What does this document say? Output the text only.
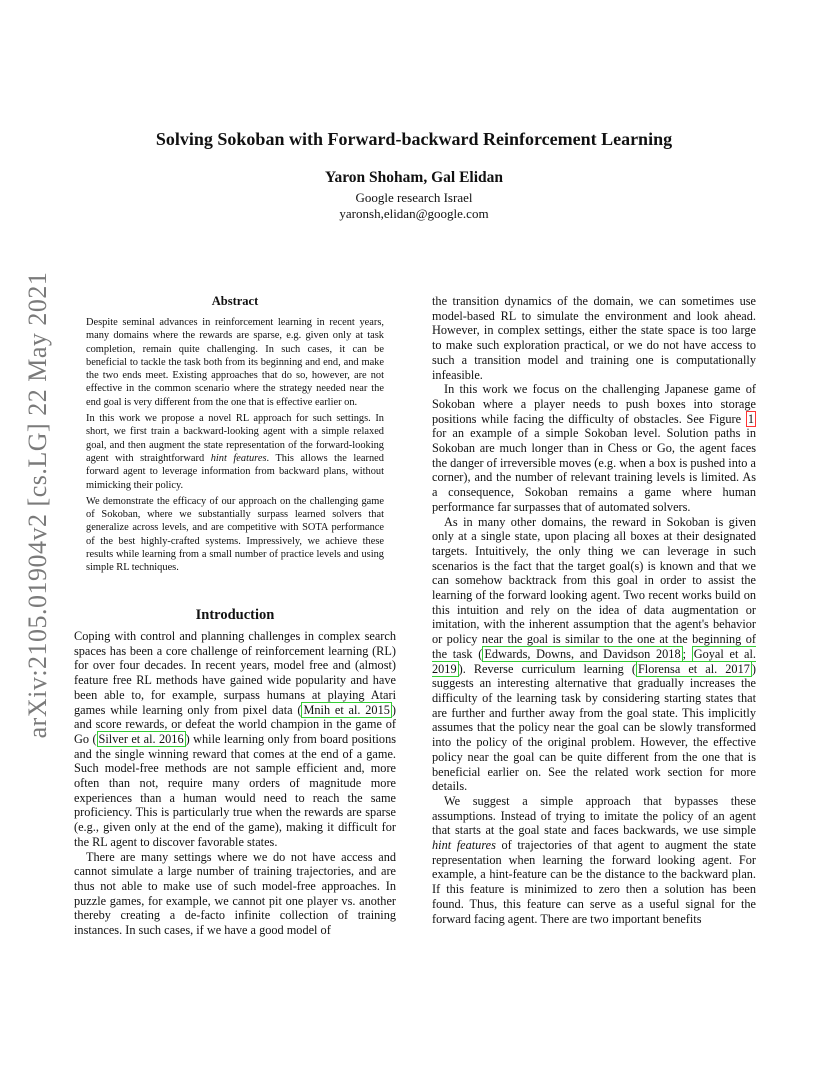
arXiv:2105.01904v2 [cs.LG] 22 May 2021
Solving Sokoban with Forward-backward Reinforcement Learning
Yaron Shoham, Gal Elidan
Google research Israel
yaronsh,elidan@google.com
Abstract

Despite seminal advances in reinforcement learning in recent years, many domains where the rewards are sparse, e.g. given only at task completion, remain quite challenging. In such cases, it can be beneficial to tackle the task both from its beginning and end, and make the two ends meet. Existing approaches that do so, however, are not effective in the common scenario where the strategy needed near the end goal is very different from the one that is effective earlier on.

In this work we propose a novel RL approach for such settings. In short, we first train a backward-looking agent with a simple relaxed goal, and then augment the state representation of the forward-looking agent with straightforward hint features. This allows the learned forward agent to leverage information from backward plans, without mimicking their policy.

We demonstrate the efficacy of our approach on the challenging game of Sokoban, where we substantially surpass learned solvers that generalize across levels, and are competitive with SOTA performance of the best highly-crafted systems. Impressively, we achieve these results while learning from a small number of practice levels and using simple RL techniques.

Introduction

Coping with control and planning challenges in complex search spaces has been a core challenge of reinforcement learning (RL) for over four decades. In recent years, model free and (almost) feature free RL methods have gained wide popularity and have been able to, for example, surpass humans at playing Atari games while learning only from pixel data ( Mnih et al. 2015 ) and score rewards, or defeat the world champion in the game of Go ( Silver et al. 2016 ) while learning only from board positions and the single winning reward that comes at the end of a game. Such model-free methods are not sample efficient and, more often than not, require many orders of magnitude more experiences than a human would need to reach the same proficiency. This is particularly true when the rewards are sparse (e.g., given only at the end of the game), making it difficult for the RL agent to discover favorable states.

There are many settings where we do not have access and cannot simulate a large number of training trajectories, and are thus not able to make use of such model-free approaches. In puzzle games, for example, we cannot pit one player vs. another thereby creating a de-facto infinite collection of training instances. In such cases, if we have a good model of

the transition dynamics of the domain, we can sometimes use model-based RL to simulate the environment and look ahead. However, in complex settings, either the state space is too large to make such exploration practical, or we do not have access to such a transition model and training one is computationally infeasible.

In this work we focus on the challenging Japanese game of Sokoban where a player needs to push boxes into storage positions while facing the difficulty of obstacles. See Figure 1 for an example of a simple Sokoban level. Solution paths in Sokoban are much longer than in Chess or Go, the agent faces the danger of irreversible moves (e.g. when a box is pushed into a corner), and the number of relevant training levels is limited. As a consequence, Sokoban remains a game where human performance far surpasses that of automated solvers.

As in many other domains, the reward in Sokoban is given only at a single state, upon placing all boxes at their designated targets. Intuitively, the only thing we can leverage in such scenarios is the fact that the target goal(s) is known and that we can somehow backtrack from this goal in order to assist the learning of the forward looking agent. Two recent works build on this intuition and rely on the idea of data augmentation or imitation, with the inherent assumption that the agent's behavior or policy near the goal is similar to the one at the beginning of the task ( Edwards, Downs, and Davidson 2018 ; Goyal et al. 2019 ). Reverse curriculum learning ( Florensa et al. 2017 ) suggests an interesting alternative that gradually increases the difficulty of the learning task by considering starting states that are further and further away from the goal state. This implicitly assumes that the policy near the goal can be slowly transformed into the policy of the original problem. However, the effective policy near the goal can be quite different from the one that is beneficial earlier on. See the related work section for more details.

We suggest a simple approach that bypasses these assumptions. Instead of trying to imitate the policy of an agent that starts at the goal state and faces backwards, we use simple hint features of trajectories of that agent to augment the state representation when learning the forward looking agent. For example, a hint-feature can be the distance to the backward plan. If this feature is minimized to zero then a solution has been found. Thus, this feature can serve as a useful signal for the forward facing agent. There are two important benefits
